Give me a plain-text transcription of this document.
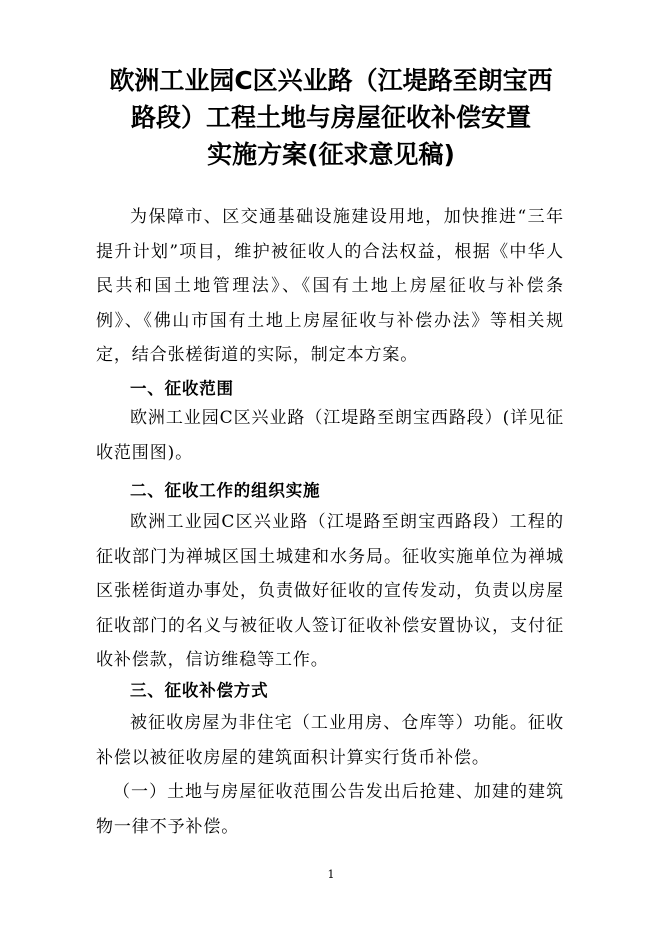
欧洲工业园C区兴业路（江堤路至朗宝西
路段）工程土地与房屋征收补偿安置
实施方案(征求意见稿)

为保障市、区交通基础设施建设用地，加快推进“三年提升计划”项目，维护被征收人的合法权益，根据《中华人民共和国土地管理法》、《国有土地上房屋征收与补偿条例》、《佛山市国有土地上房屋征收与补偿办法》等相关规定，结合张槎街道的实际，制定本方案。

一、征收范围

欧洲工业园C区兴业路（江堤路至朗宝西路段）(详见征收范围图)。

二、征收工作的组织实施

欧洲工业园C区兴业路（江堤路至朗宝西路段）工程的征收部门为禅城区国土城建和水务局。征收实施单位为禅城区张槎街道办事处，负责做好征收的宣传发动，负责以房屋征收部门的名义与被征收人签订征收补偿安置协议，支付征收补偿款，信访维稳等工作。

三、征收补偿方式

被征收房屋为非住宅（工业用房、仓库等）功能。征收补偿以被征收房屋的建筑面积计算实行货币补偿。

（一）土地与房屋征收范围公告发出后抢建、加建的建筑物一律不予补偿。

1
